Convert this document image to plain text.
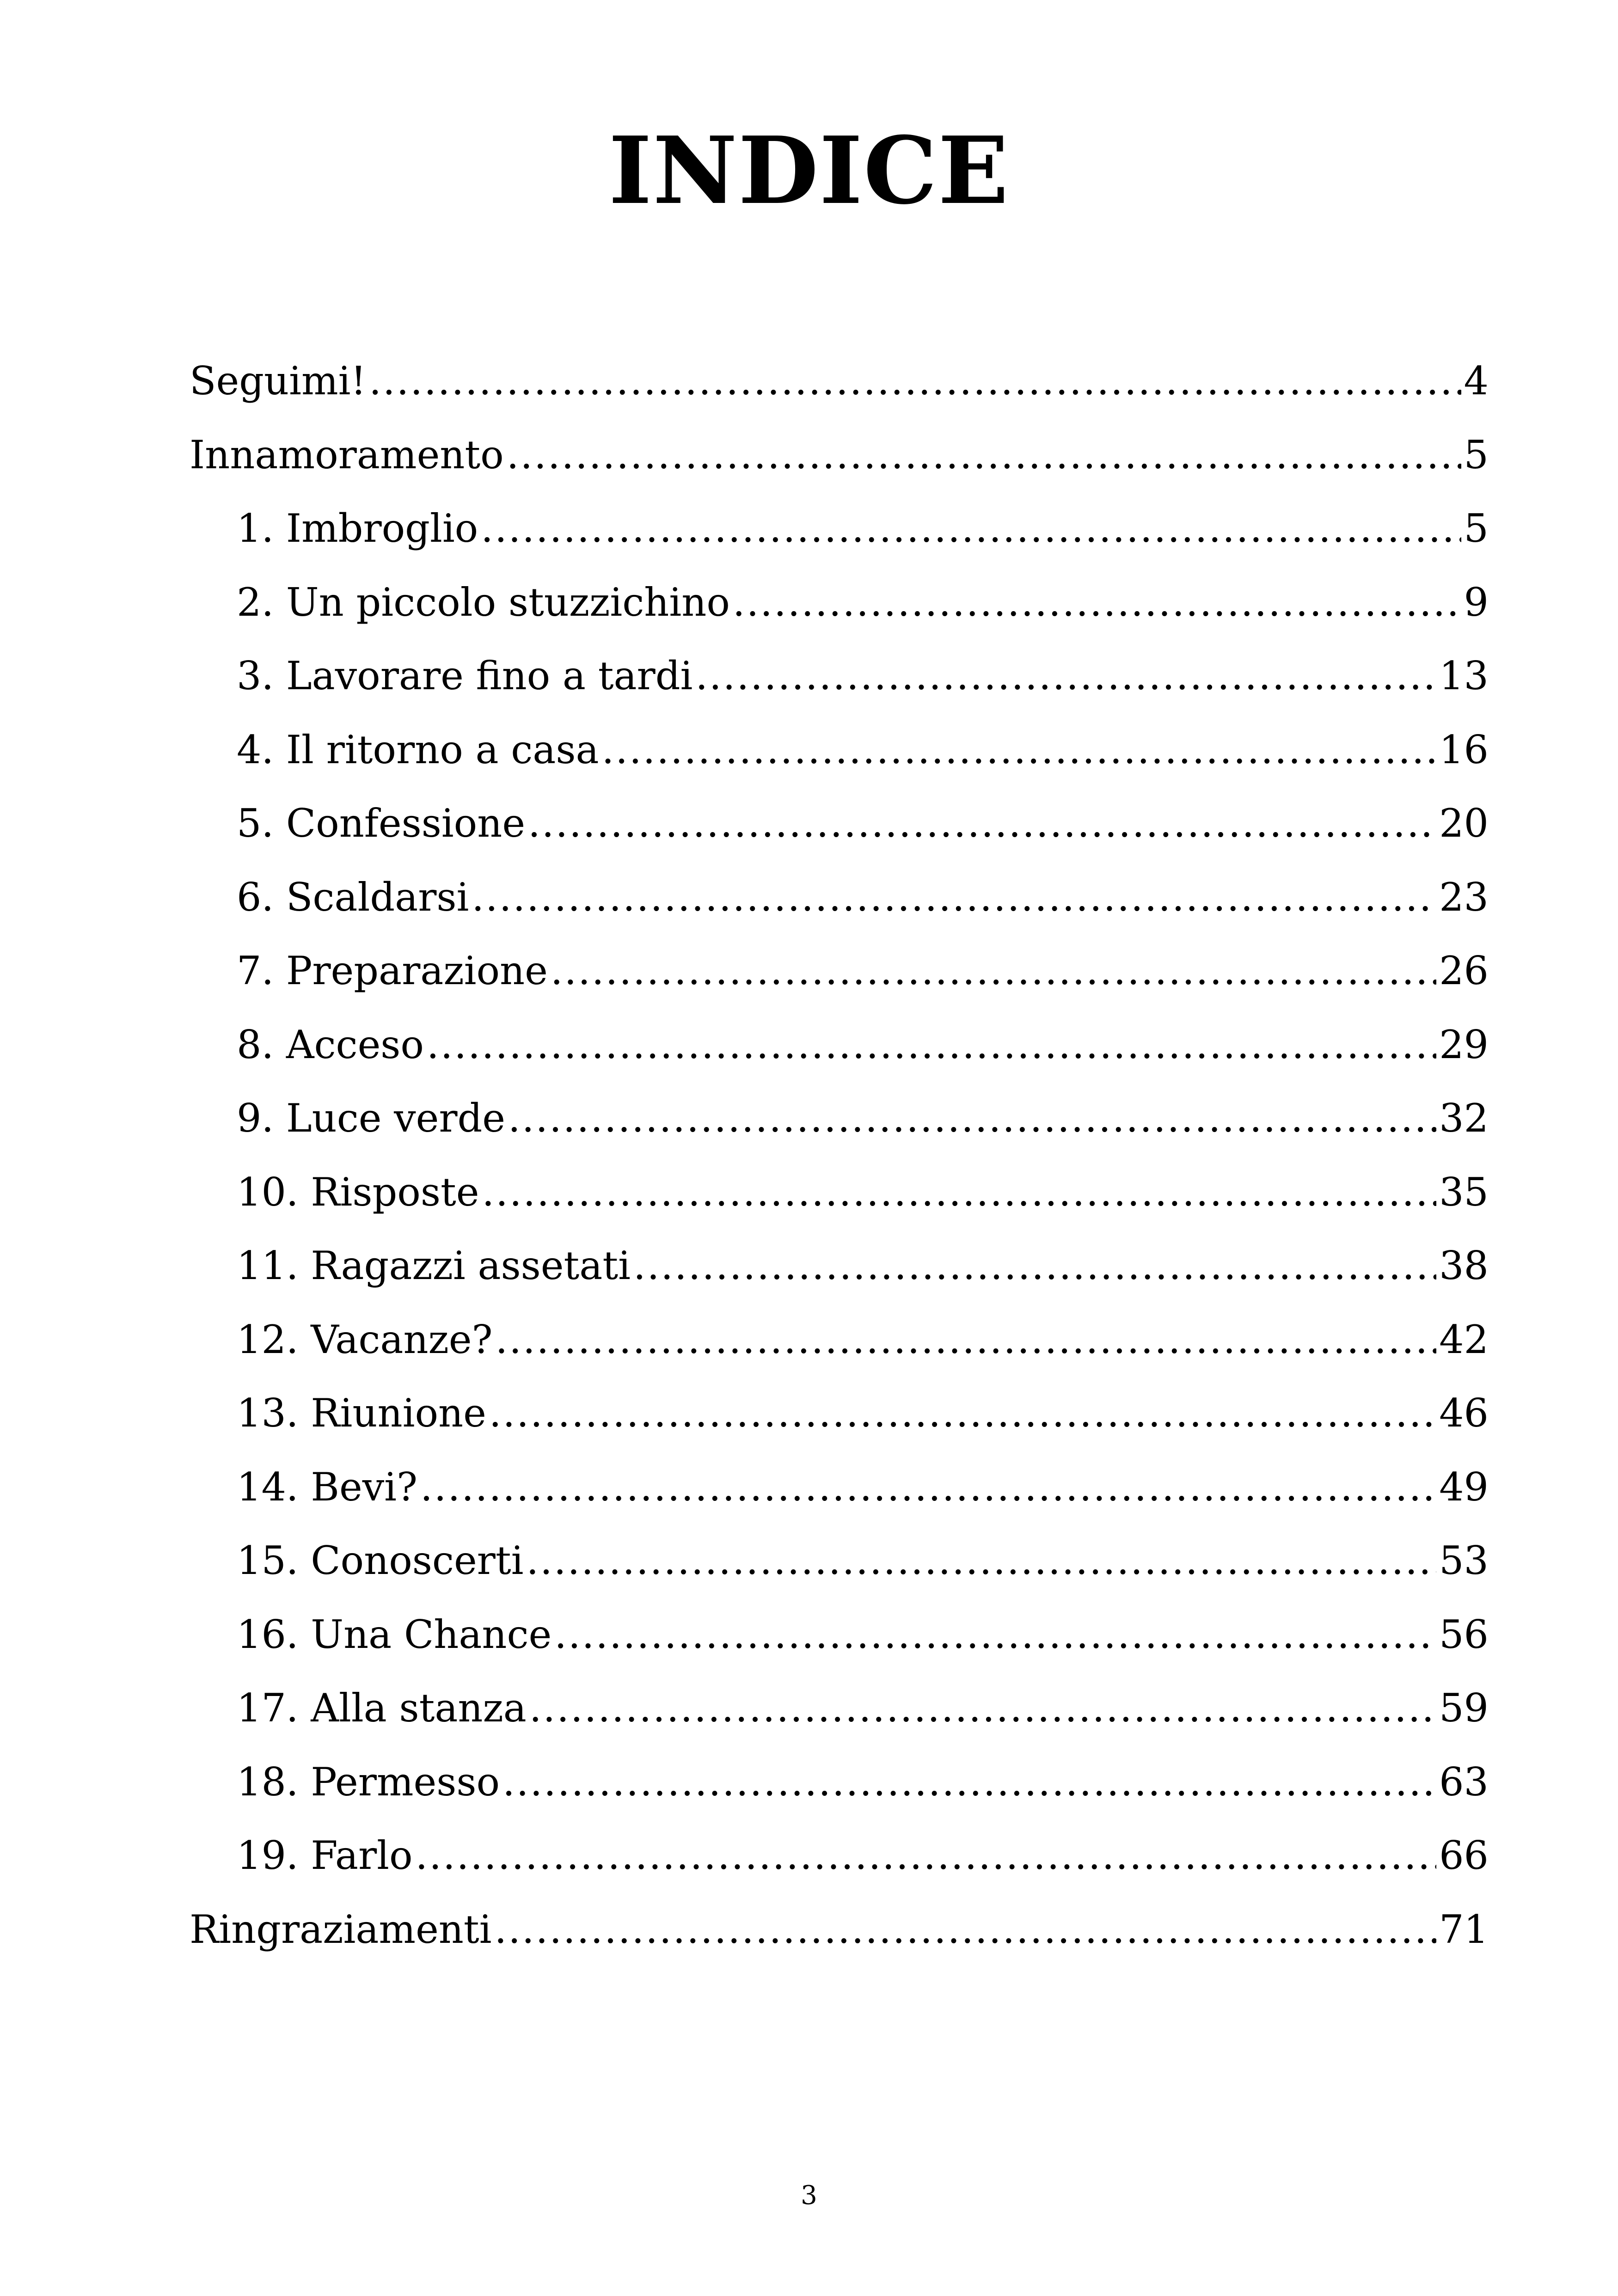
INDICE
Seguimi! .....	4
Innamoramento .....	5
1. Imbroglio .....	5
2. Un piccolo stuzzichino .....	9
3. Lavorare fino a tardi .....	13
4. Il ritorno a casa .....	16
5. Confessione .....	20
6. Scaldarsi .....	23
7. Preparazione .....	26
8. Acceso .....	29
9. Luce verde .....	32
10. Risposte .....	35
11. Ragazzi assetati .....	38
12. Vacanze? .....	42
13. Riunione .....	46
14. Bevi? .....	49
15. Conoscerti .....	53
16. Una Chance .....	56
17. Alla stanza .....	59
18. Permesso .....	63
19. Farlo .....	66
Ringraziamenti .....	71
3
